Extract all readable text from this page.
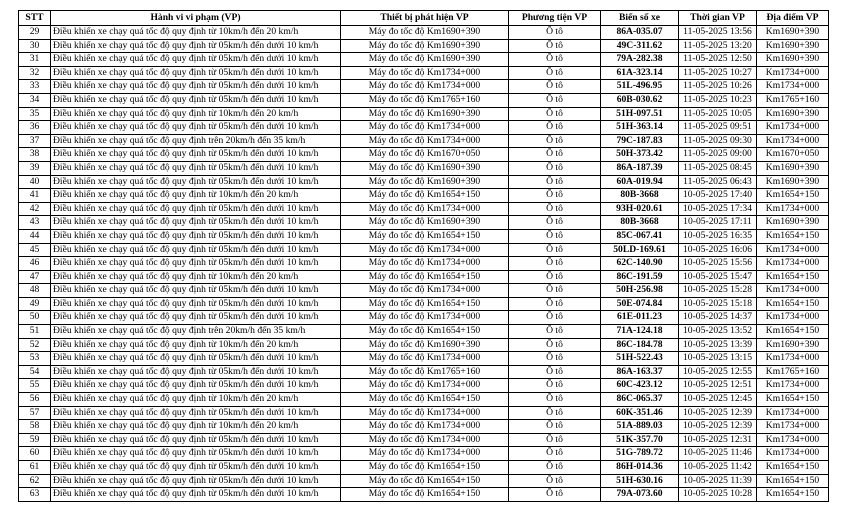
STT	Hành vi vi phạm (VP)	Thiết bị phát hiện VP	Phương tiện VP	Biển số xe	Thời gian VP	Địa điểm VP
29	Điều khiển xe chạy quá tốc độ quy định từ 10km/h đến 20 km/h	Máy đo tốc độ Km1690+390	Ô tô	86A-035.07	11-05-2025 13:56	Km1690+390
30	Điều khiển xe chạy quá tốc độ quy định từ 05km/h đến dưới 10 km/h	Máy đo tốc độ Km1690+390	Ô tô	49C-311.62	11-05-2025 13:20	Km1690+390
31	Điều khiển xe chạy quá tốc độ quy định từ 05km/h đến dưới 10 km/h	Máy đo tốc độ Km1690+390	Ô tô	79A-282.38	11-05-2025 12:50	Km1690+390
32	Điều khiển xe chạy quá tốc độ quy định từ 05km/h đến dưới 10 km/h	Máy đo tốc độ Km1734+000	Ô tô	61A-323.14	11-05-2025 10:27	Km1734+000
33	Điều khiển xe chạy quá tốc độ quy định từ 05km/h đến dưới 10 km/h	Máy đo tốc độ Km1734+000	Ô tô	51L-496.95	11-05-2025 10:26	Km1734+000
34	Điều khiển xe chạy quá tốc độ quy định từ 05km/h đến dưới 10 km/h	Máy đo tốc độ Km1765+160	Ô tô	60B-030.62	11-05-2025 10:23	Km1765+160
35	Điều khiển xe chạy quá tốc độ quy định từ 10km/h đến 20 km/h	Máy đo tốc độ Km1690+390	Ô tô	51H-097.51	11-05-2025 10:05	Km1690+390
36	Điều khiển xe chạy quá tốc độ quy định từ 05km/h đến dưới 10 km/h	Máy đo tốc độ Km1734+000	Ô tô	51H-363.14	11-05-2025 09:51	Km1734+000
37	Điều khiển xe chạy quá tốc độ quy định trên 20km/h đến 35 km/h	Máy đo tốc độ Km1734+000	Ô tô	79C-187.83	11-05-2025 09:30	Km1734+000
38	Điều khiển xe chạy quá tốc độ quy định từ 05km/h đến dưới 10 km/h	Máy đo tốc độ Km1670+050	Ô tô	50H-373.42	11-05-2025 09:00	Km1670+050
39	Điều khiển xe chạy quá tốc độ quy định từ 05km/h đến dưới 10 km/h	Máy đo tốc độ Km1690+390	Ô tô	86A-187.39	11-05-2025 08:45	Km1690+390
40	Điều khiển xe chạy quá tốc độ quy định từ 05km/h đến dưới 10 km/h	Máy đo tốc độ Km1690+390	Ô tô	60A-019.94	11-05-2025 06:43	Km1690+390
41	Điều khiển xe chạy quá tốc độ quy định từ 10km/h đến 20 km/h	Máy đo tốc độ Km1654+150	Ô tô	80B-3668	10-05-2025 17:40	Km1654+150
42	Điều khiển xe chạy quá tốc độ quy định từ 05km/h đến dưới 10 km/h	Máy đo tốc độ Km1734+000	Ô tô	93H-020.61	10-05-2025 17:34	Km1734+000
43	Điều khiển xe chạy quá tốc độ quy định từ 05km/h đến dưới 10 km/h	Máy đo tốc độ Km1690+390	Ô tô	80B-3668	10-05-2025 17:11	Km1690+390
44	Điều khiển xe chạy quá tốc độ quy định từ 05km/h đến dưới 10 km/h	Máy đo tốc độ Km1654+150	Ô tô	85C-067.41	10-05-2025 16:35	Km1654+150
45	Điều khiển xe chạy quá tốc độ quy định từ 05km/h đến dưới 10 km/h	Máy đo tốc độ Km1734+000	Ô tô	50LD-169.61	10-05-2025 16:06	Km1734+000
46	Điều khiển xe chạy quá tốc độ quy định từ 05km/h đến dưới 10 km/h	Máy đo tốc độ Km1734+000	Ô tô	62C-140.90	10-05-2025 15:56	Km1734+000
47	Điều khiển xe chạy quá tốc độ quy định từ 10km/h đến 20 km/h	Máy đo tốc độ Km1654+150	Ô tô	86C-191.59	10-05-2025 15:47	Km1654+150
48	Điều khiển xe chạy quá tốc độ quy định từ 05km/h đến dưới 10 km/h	Máy đo tốc độ Km1734+000	Ô tô	50H-256.98	10-05-2025 15:28	Km1734+000
49	Điều khiển xe chạy quá tốc độ quy định từ 05km/h đến dưới 10 km/h	Máy đo tốc độ Km1654+150	Ô tô	50E-074.84	10-05-2025 15:18	Km1654+150
50	Điều khiển xe chạy quá tốc độ quy định từ 05km/h đến dưới 10 km/h	Máy đo tốc độ Km1734+000	Ô tô	61E-011.23	10-05-2025 14:37	Km1734+000
51	Điều khiển xe chạy quá tốc độ quy định trên 20km/h đến 35 km/h	Máy đo tốc độ Km1654+150	Ô tô	71A-124.18	10-05-2025 13:52	Km1654+150
52	Điều khiển xe chạy quá tốc độ quy định từ 10km/h đến 20 km/h	Máy đo tốc độ Km1690+390	Ô tô	86C-184.78	10-05-2025 13:39	Km1690+390
53	Điều khiển xe chạy quá tốc độ quy định từ 05km/h đến dưới 10 km/h	Máy đo tốc độ Km1734+000	Ô tô	51H-522.43	10-05-2025 13:15	Km1734+000
54	Điều khiển xe chạy quá tốc độ quy định từ 05km/h đến dưới 10 km/h	Máy đo tốc độ Km1765+160	Ô tô	86A-163.37	10-05-2025 12:55	Km1765+160
55	Điều khiển xe chạy quá tốc độ quy định từ 05km/h đến dưới 10 km/h	Máy đo tốc độ Km1734+000	Ô tô	60C-423.12	10-05-2025 12:51	Km1734+000
56	Điều khiển xe chạy quá tốc độ quy định từ 10km/h đến 20 km/h	Máy đo tốc độ Km1654+150	Ô tô	86C-065.37	10-05-2025 12:45	Km1654+150
57	Điều khiển xe chạy quá tốc độ quy định từ 05km/h đến dưới 10 km/h	Máy đo tốc độ Km1734+000	Ô tô	60K-351.46	10-05-2025 12:39	Km1734+000
58	Điều khiển xe chạy quá tốc độ quy định từ 10km/h đến 20 km/h	Máy đo tốc độ Km1734+000	Ô tô	51A-889.03	10-05-2025 12:39	Km1734+000
59	Điều khiển xe chạy quá tốc độ quy định từ 05km/h đến dưới 10 km/h	Máy đo tốc độ Km1734+000	Ô tô	51K-357.70	10-05-2025 12:31	Km1734+000
60	Điều khiển xe chạy quá tốc độ quy định từ 05km/h đến dưới 10 km/h	Máy đo tốc độ Km1734+000	Ô tô	51G-789.72	10-05-2025 11:46	Km1734+000
61	Điều khiển xe chạy quá tốc độ quy định từ 05km/h đến dưới 10 km/h	Máy đo tốc độ Km1654+150	Ô tô	86H-014.36	10-05-2025 11:42	Km1654+150
62	Điều khiển xe chạy quá tốc độ quy định từ 05km/h đến dưới 10 km/h	Máy đo tốc độ Km1654+150	Ô tô	51H-630.16	10-05-2025 11:39	Km1654+150
63	Điều khiển xe chạy quá tốc độ quy định từ 05km/h đến dưới 10 km/h	Máy đo tốc độ Km1654+150	Ô tô	79A-073.60	10-05-2025 10:28	Km1654+150
